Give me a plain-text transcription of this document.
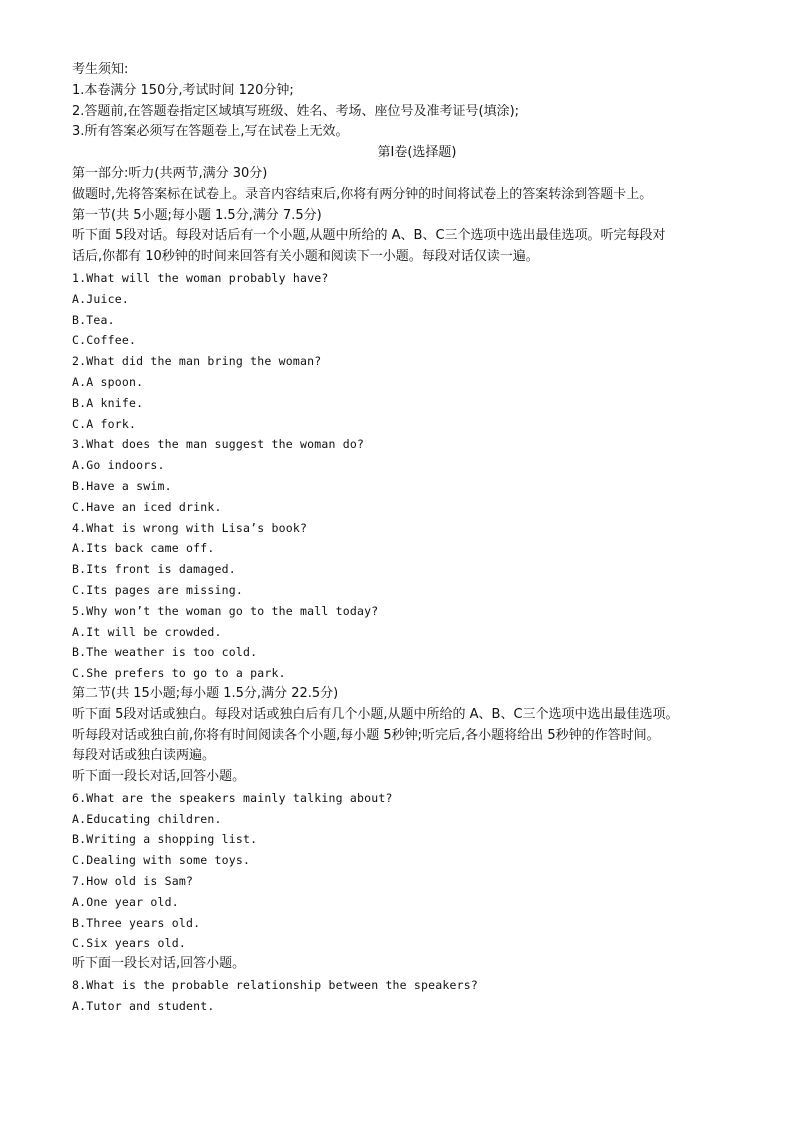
考生须知:
1.本卷满分 150分,考试时间 120分钟;
2.答题前,在答题卷指定区域填写班级、姓名、考场、座位号及准考证号(填涂);
3.所有答案必须写在答题卷上,写在试卷上无效。
第Ⅰ卷(选择题)
第一部分:听力(共两节,满分 30分)
做题时,先将答案标在试卷上。录音内容结束后,你将有两分钟的时间将试卷上的答案转涂到答题卡上。
第一节(共 5小题;每小题 1.5分,满分 7.5分)
听下面 5段对话。每段对话后有一个小题,从题中所给的 A、B、C三个选项中选出最佳选项。听完每段对
话后,你都有 10秒钟的时间来回答有关小题和阅读下一小题。每段对话仅读一遍。
1.What will the woman probably have?
A.Juice.
B.Tea.
C.Coffee.
2.What did the man bring the woman?
A.A spoon.
B.A knife.
C.A fork.
3.What does the man suggest the woman do?
A.Go indoors.
B.Have a swim.
C.Have an iced drink.
4.What is wrong with Lisa’s book?
A.Its back came off.
B.Its front is damaged.
C.Its pages are missing.
5.Why won’t the woman go to the mall today?
A.It will be crowded.
B.The weather is too cold.
C.She prefers to go to a park.
第二节(共 15小题;每小题 1.5分,满分 22.5分)
听下面 5段对话或独白。每段对话或独白后有几个小题,从题中所给的 A、B、C三个选项中选出最佳选项。
听每段对话或独白前,你将有时间阅读各个小题,每小题 5秒钟;听完后,各小题将给出 5秒钟的作答时间。
每段对话或独白读两遍。
听下面一段长对话,回答小题。
6.What are the speakers mainly talking about?
A.Educating children.
B.Writing a shopping list.
C.Dealing with some toys.
7.How old is Sam?
A.One year old.
B.Three years old.
C.Six years old.
听下面一段长对话,回答小题。
8.What is the probable relationship between the speakers?
A.Tutor and student.
